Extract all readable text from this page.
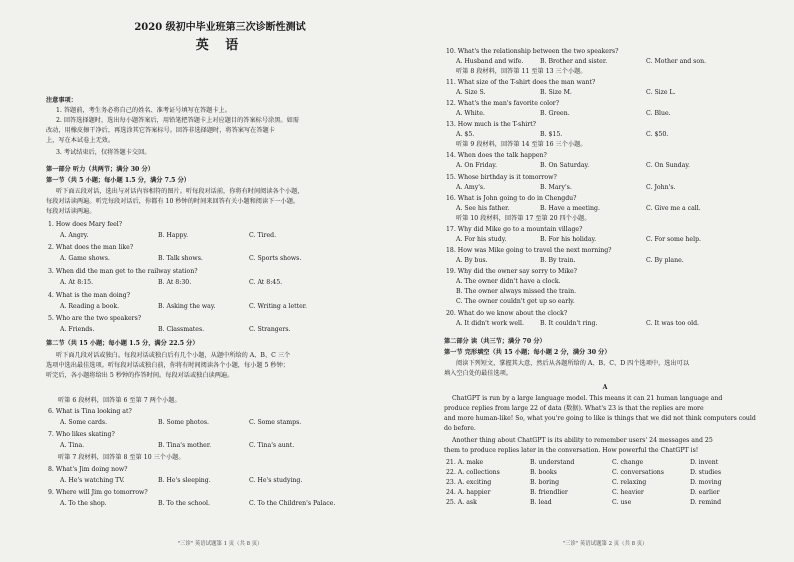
2020 级初中毕业班第三次诊断性测试
英 语
注意事项：
1. 答题前，考生务必将自己的姓名、准考证号填写在答题卡上。
2. 回答选择题时，选出每小题答案后，用铅笔把答题卡上对应题目的答案标号涂黑。如需
改动，用橡皮擦干净后，再选涂其它答案标号。回答非选择题时，将答案写在答题卡
上，写在本试卷上无效。
3. 考试结束后，仅将答题卡交回。
第一部分 听力（共两节；满分 30 分）
第一节（共 5 小题；每小题 1.5 分，满分 7.5 分）
听下面五段对话，选出与对话内容相符的图片。听每段对话前，你将有时间阅读各个小题，
每段对话读两遍。听完每段对话后，你都有 10 秒钟的时间来回答有关小题和阅读下一小题。
每段对话读两遍。
1. How does Mary feel?
A. Angry.	B. Happy.	C. Tired.
2. What does the man like?
A. Game shows.	B. Talk shows.	C. Sports shows.
3. When did the man get to the railway station?
A. At 8:15.	B. At 8:30.	C. At 8:45.
4. What is the man doing?
A. Reading a book.	B. Asking the way.	C. Writing a letter.
5. Who are the two speakers?
A. Friends.	B. Classmates.	C. Strangers.
第二节（共 15 小题；每小题 1.5 分，满分 22.5 分）
听下面几段对话或独白。每段对话或独白后有几个小题，从题中所给的 A、B、C 三个
选项中选出最佳选项。听每段对话或独白前，你将有时间阅读各个小题，每小题 5 秒钟；
听完后，各小题将给出 5 秒钟的作答时间。每段对话或独白读两遍。
听第 6 段材料，回答第 6 至第 7 两个小题。
6. What is Tina looking at?
A. Some cards.	B. Some photos.	C. Some stamps.
7. Who likes skating?
A. Tina.	B. Tina's mother.	C. Tina's aunt.
听第 7 段材料，回答第 8 至第 10 三个小题。
8. What's Jim doing now?
A. He's watching TV.	B. He's sleeping.	C. He's studying.
9. Where will Jim go tomorrow?
A. To the shop.	B. To the school.	C. To the Children's Palace.
"三诊" 英语试题第 1 页（共 8 页）
10. What's the relationship between the two speakers?
A. Husband and wife.	B. Brother and sister.	C. Mother and son.
听第 8 段材料，回答第 11 至第 13 三个小题。
11. What size of the T-shirt does the man want?
A. Size S.	B. Size M.	C. Size L.
12. What's the man's favorite color?
A. White.	B. Green.	C. Blue.
13. How much is the T-shirt?
A. $5.	B. $15.	C. $50.
听第 9 段材料，回答第 14 至第 16 三个小题。
14. When does the talk happen?
A. On Friday.	B. On Saturday.	C. On Sunday.
15. Whose birthday is it tomorrow?
A. Amy's.	B. Mary's.	C. John's.
16. What is John going to do in Chengdu?
A. See his father.	B. Have a meeting.	C. Give me a call.
听第 10 段材料，回答第 17 至第 20 四个小题。
17. Why did Mike go to a mountain village?
A. For his study.	B. For his holiday.	C. For some help.
18. How was Mike going to travel the next morning?
A. By bus.	B. By train.	C. By plane.
19. Why did the owner say sorry to Mike?
A. The owner didn't have a clock.
B. The owner always missed the train.
C. The owner couldn't get up so early.
20. What do we know about the clock?
A. It didn't work well.	B. It couldn't ring.	C. It was too old.
第二部分 读（共三节；满分 70 分）
第一节 完形填空（共 15 小题；每小题 2 分，满分 30 分）
阅读下列短文，掌握其大意，然后从各题所给的 A、B、C、D 四个选项中，选出可以
填入空白处的最佳选项。
A
ChatGPT is run by a large language model. This means it can 21 human language and
produce replies from large 22 of data (数据). What's 23 is that the replies are more
and more human-like! So, what you're going to like is things that we did not think computers could
do before.
Another thing about ChatGPT is its ability to remember users' 24 messages and 25
them to produce replies later in the conversation. How powerful the ChatGPT is!
21. A. make	B. understand	C. change	D. invent
22. A. collections	B. books	C. conversations	D. studies
23. A. exciting	B. boring	C. relaxing	D. moving
24. A. happier	B. friendlier	C. heavier	D. earlier
25. A. ask	B. lead	C. use	D. remind
"三诊" 英语试题第 2 页（共 8 页）
